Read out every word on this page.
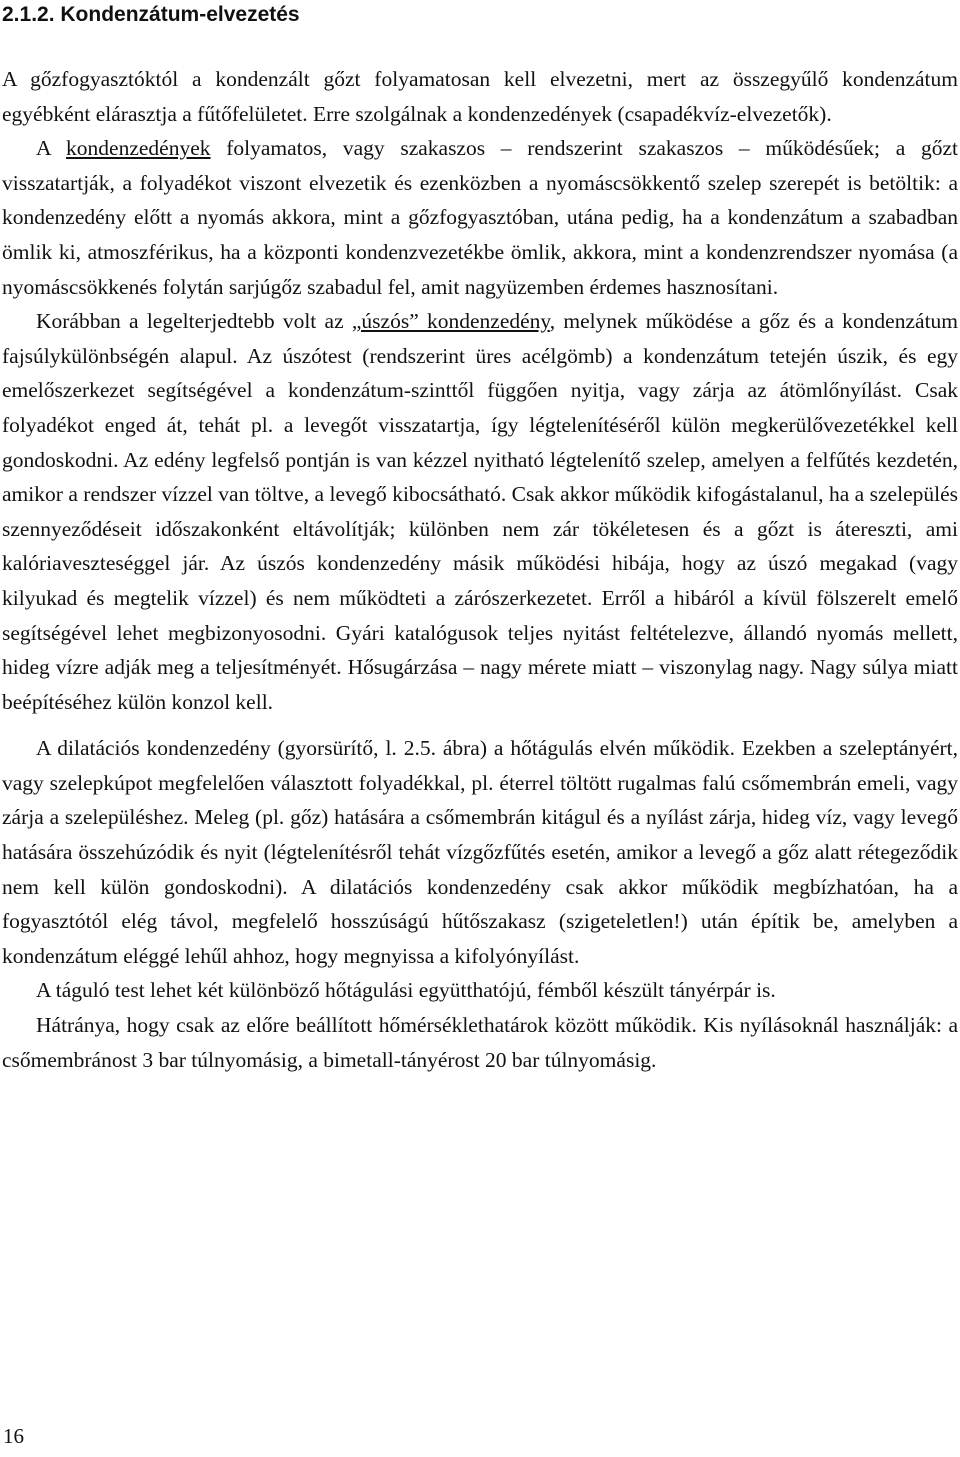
2.1.2. Kondenzátum-elvezetés

A gőzfogyasztóktól a kondenzált gőzt folyamatosan kell elvezetni, mert az összegyűlő kondenzátum egyébként elárasztja a fűtőfelületet. Erre szolgálnak a kondenzedények (csapadékvíz-elvezetők).

A kondenzedények folyamatos, vagy szakaszos – rendszerint szakaszos – működésűek; a gőzt visszatartják, a folyadékot viszont elvezetik és ezenközben a nyomáscsökkentő szelep szerepét is betöltik: a kondenzedény előtt a nyomás akkora, mint a gőzfogyasztóban, utána pedig, ha a kondenzátum a szabadban ömlik ki, atmoszférikus, ha a központi kondenzvezetékbe ömlik, akkora, mint a kondenzrendszer nyomása (a nyomáscsökkenés folytán sarjúgőz szabadul fel, amit nagyüzemben érdemes hasznosítani.

Korábban a legelterjedtebb volt az „úszós” kondenzedény, melynek működése a gőz és a kondenzátum fajsúlykülönbségén alapul. Az úszótest (rendszerint üres acélgömb) a kondenzátum tetején úszik, és egy emelőszerkezet segítségével a kondenzátum-szinttől függően nyitja, vagy zárja az átömlőnyílást. Csak folyadékot enged át, tehát pl. a levegőt visszatartja, így légtelenítéséről külön megkerülővezetékkel kell gondoskodni. Az edény legfelső pontján is van kézzel nyitható légtelenítő szelep, amelyen a felfűtés kezdetén, amikor a rendszer vízzel van töltve, a levegő kibocsátható. Csak akkor működik kifogástalanul, ha a szelepülés szennyeződéseit időszakonként eltávolítják; különben nem zár tökéletesen és a gőzt is átereszti, ami kalóriaveszteséggel jár. Az úszós kondenzedény másik működési hibája, hogy az úszó megakad (vagy kilyukad és megtelik vízzel) és nem működteti a zárószerkezetet. Erről a hibáról a kívül fölszerelt emelő segítségével lehet megbizonyosodni. Gyári katalógusok teljes nyitást feltételezve, állandó nyomás mellett, hideg vízre adják meg a teljesítményét. Hősugárzása – nagy mérete miatt – viszonylag nagy. Nagy súlya miatt beépítéséhez külön konzol kell.

A dilatációs kondenzedény (gyorsürítő, l. 2.5. ábra) a hőtágulás elvén működik. Ezekben a szeleptányért, vagy szelepkúpot megfelelően választott folyadékkal, pl. éterrel töltött rugalmas falú csőmembrán emeli, vagy zárja a szelepüléshez. Meleg (pl. gőz) hatására a csőmembrán kitágul és a nyílást zárja, hideg víz, vagy levegő hatására összehúzódik és nyit (légtelenítésről tehát vízgőzfűtés esetén, amikor a levegő a gőz alatt rétegeződik nem kell külön gondoskodni). A dilatációs kondenzedény csak akkor működik megbízhatóan, ha a fogyasztótól elég távol, megfelelő hosszúságú hűtőszakasz (szigeteletlen!) után építik be, amelyben a kondenzátum eléggé lehűl ahhoz, hogy megnyissa a kifolyónyílást.

A táguló test lehet két különböző hőtágulási együtthatójú, fémből készült tányérpár is.

Hátránya, hogy csak az előre beállított hőmérséklethatárok között működik. Kis nyílásoknál használják: a csőmembránost 3 bar túlnyomásig, a bimetall-tányérost 20 bar túlnyomásig.

16
